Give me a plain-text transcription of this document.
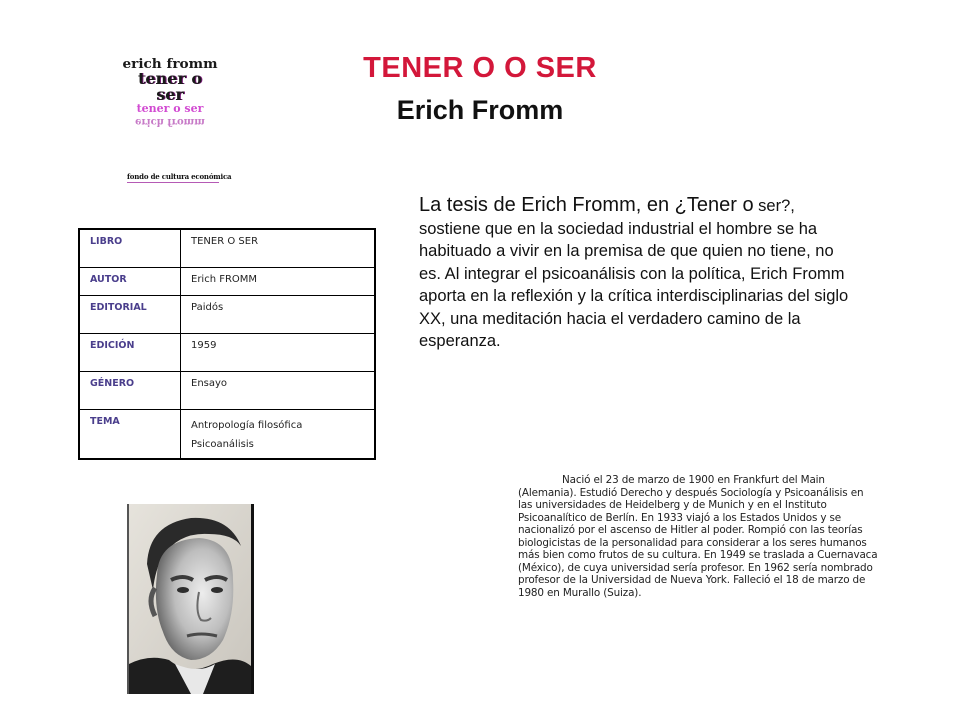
erich fromm
tener o ser
tener o ser
erich fromm
fondo de cultura económica
TENER O O SER
Erich Fromm
LIBRO	TENER O SER
AUTOR	Erich FROMM
EDITORIAL	Paidós
EDICIÓN	1959
GÉNERO	Ensayo
TEMA	Antropología filosófica
Psicoanálisis
La tesis de Erich Fromm, en ¿Tener o ser?, sostiene que en la sociedad industrial el hombre se ha habituado a vivir en la premisa de que quien no tiene, no es. Al integrar el psicoanálisis con la política, Erich Fromm aporta en la reflexión y la crítica interdisciplinarias del siglo XX, una meditación hacia el verdadero camino de la esperanza.
Nació el 23 de marzo de 1900 en Frankfurt del Main (Alemania). Estudió Derecho y después Sociología y Psicoanálisis en las universidades de Heidelberg y de Munich y en el Instituto Psicoanalítico de Berlín. En 1933 viajó a los Estados Unidos y se nacionalizó por el ascenso de Hitler al poder. Rompió con las teorías biologicistas de la personalidad para considerar a los seres humanos más bien como frutos de su cultura. En 1949 se traslada a Cuernavaca (México), de cuya universidad sería profesor. En 1962 sería nombrado profesor de la Universidad de Nueva York. Falleció el 18 de marzo de 1980 en Murallo (Suiza).
